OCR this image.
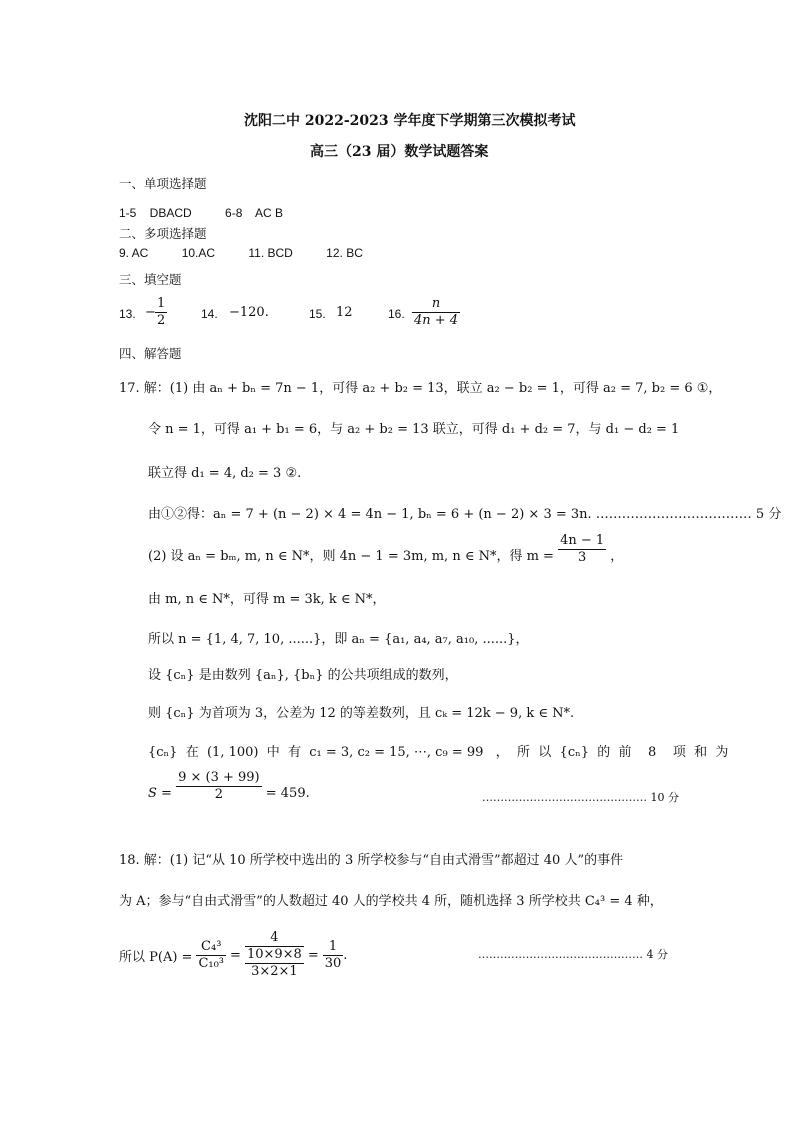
沈阳二中 2022-2023 学年度下学期第三次模拟考试
高三（23 届）数学试题答案
一、单项选择题
1-5    DBACD          6-8    AC B
二、多项选择题
9. AC          10.AC          11. BCD          12. BC
三、填空题
13. − $\frac{1}{2}$	14. −120.	15. 12	16. $\frac{n}{4n + 4}$
四、解答题
17. 解：(1) 由 aₙ + bₙ = 7n − 1，可得 a₂ + b₂ = 13，联立 a₂ − b₂ = 1，可得 a₂ = 7, b₂ = 6 ①，
令 n = 1，可得 a₁ + b₁ = 6，与 a₂ + b₂ = 13 联立，可得 d₁ + d₂ = 7，与 d₁ − d₂ = 1
联立得 d₁ = 4, d₂ = 3 ②.
由①②得：aₙ = 7 + (n − 2) × 4 = 4n − 1, bₙ = 6 + (n − 2) × 3 = 3n. ……………………………… 5 分
(2) 设 aₙ = bₘ, m, n ∈ N*，则 4n − 1 = 3m, m, n ∈ N*，得 $m = \frac{4n - 1}{3}$ ，
由 m, n ∈ N*，可得 m = 3k, k ∈ N*，
所以 n = {1, 4, 7, 10, ......}，即 aₙ = {a₁, a₄, a₇, a₁₀, ......}，
设 {cₙ} 是由数列 {aₙ}, {bₙ} 的公共项组成的数列，
则 {cₙ} 为首项为 3，公差为 12 的等差数列，且 cₖ = 12k − 9, k ∈ N*.
{cₙ}  在  (1, 100)  中  有  c₁ = 3, c₂ = 15, ⋯, c₉ = 99   ，  所  以  {cₙ}  的  前    8    项  和  为
$S = \frac{9 \times (3 + 99)}{2} = 459$.	……………………………………… 10 分
18. 解：(1) 记“从 10 所学校中选出的 3 所学校参与“自由式滑雪”都超过 40 人”的事件
为 A；参与“自由式滑雪”的人数超过 40 人的学校共 4 所，随机选择 3 所学校共 C₄³ = 4 种，
所以 $P(A) = \frac{\text{C₄³}}{\text{C₁₀³}} = \frac{4}{\frac{10\times 9\times 8}{3\times 2\times 1}} = \frac{1}{30}$ .	……………………………………… 4 分
